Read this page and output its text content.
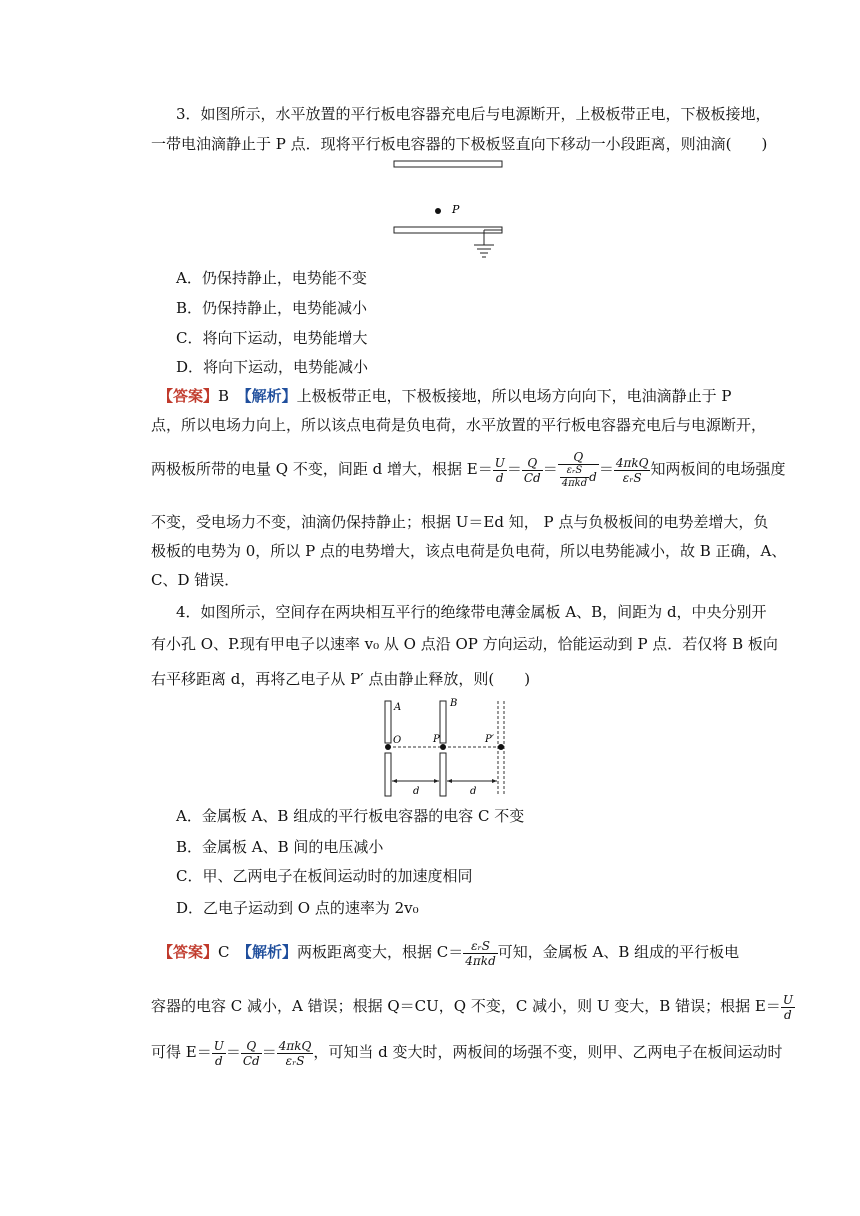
3．如图所示，水平放置的平行板电容器充电后与电源断开，上极板带正电，下极板接地，
一带电油滴静止于 P 点．现将平行板电容器的下极板竖直向下移动一小段距离，则油滴(　　)
P
A．仍保持静止，电势能不变
B．仍保持静止，电势能减小
C．将向下运动，电势能增大
D．将向下运动，电势能减小
【答案】B　 【解析】上极板带正电，下极板接地，所以电场方向向下，电油滴静止于 P
点，所以电场力向上，所以该点电荷是负电荷，水平放置的平行板电容器充电后与电源断开，
两极板所带的电量 Q 不变，间距 d 增大，根据 $E= \frac{U}{d} = \frac{Q}{Cd} = \frac{Q}{\frac{\text{εᵣS}}{\text{4πkd}} d} = \frac{\text{4πkQ}}{\text{εᵣS}}$ 知两板间的电场强度
不变，受电场力不变，油滴仍保持静止；根据 U＝Ed 知， P 点与负极板间的电势差增大，负
极板的电势为 0，所以 P 点的电势增大，该点电荷是负电荷，所以电势能减小，故 B 正确，A、
C、D 错误．
4．如图所示，空间存在两块相互平行的绝缘带电薄金属板 A、B，间距为 d，中央分别开
有小孔 O、P.现有甲电子以速率 v₀ 从 O 点沿 OP 方向运动，恰能运动到 P 点．若仅将 B 板向
右平移距离 d，再将乙电子从 P′ 点由静止释放，则(　　)
A	B
O	P	P′
d	d
A．金属板 A、B 组成的平行板电容器的电容 C 不变
B．金属板 A、B 间的电压减小
C．甲、乙两电子在板间运动时的加速度相同
D．乙电子运动到 O 点的速率为 2v₀
【答案】C　 【解析】两板距离变大，根据 $C= \frac{\text{εᵣS}}{\text{4πkd}}$ 可知，金属板 A、B 组成的平行板电
容器的电容 C 减小，A 错误；根据 Q＝CU，Q 不变，C 减小，则 U 变大，B 错误；根据 $E= \frac{U}{d}$
可得 $E= \frac{U}{d} = \frac{Q}{Cd} = \frac{\text{4πkQ}}{\text{εᵣS}}$ ，可知当 d 变大时，两板间的场强不变，则甲、乙两电子在板间运动时
